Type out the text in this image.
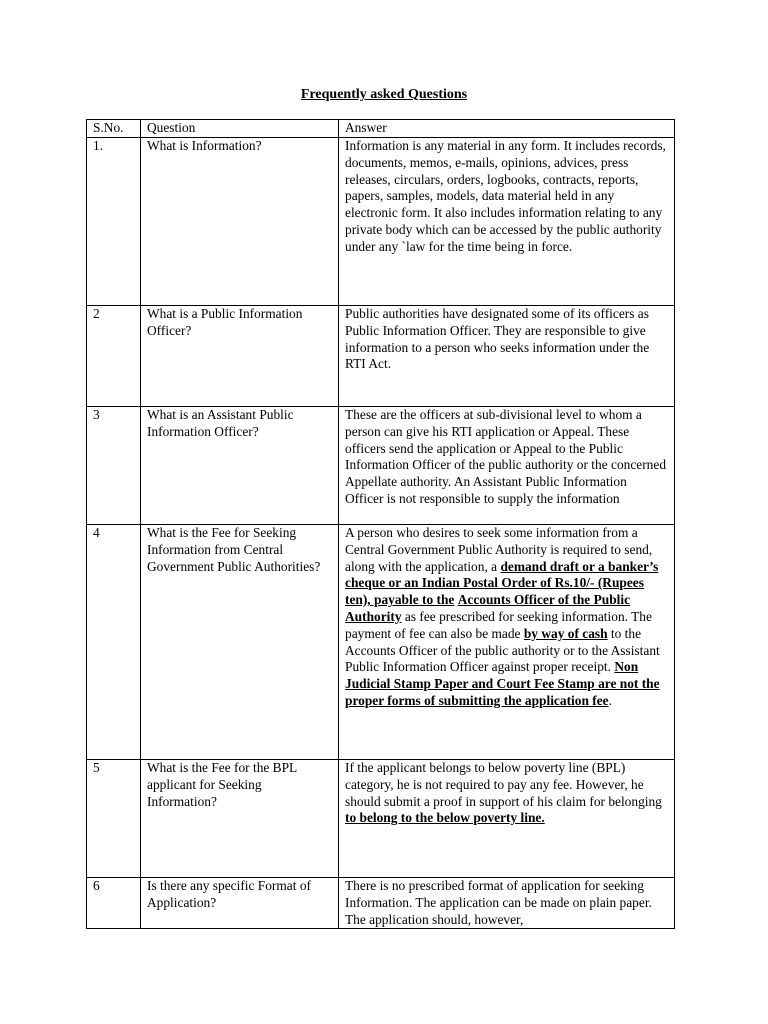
Frequently asked Questions
S.No.	Question	Answer
1.	What is Information?	Information is any material in any form. It includes records, documents, memos, e-mails, opinions, advices, press releases, circulars, orders, logbooks, contracts, reports, papers, samples, models, data material held in any electronic form. It also includes information relating to any private body which can be accessed by the public authority under any `law for the time being in force.
2	What is a Public Information Officer?	Public authorities have designated some of its officers as Public Information Officer. They are responsible to give information to a person who seeks information under the RTI Act.
3	What is an Assistant Public Information Officer?	These are the officers at sub-divisional level to whom a person can give his RTI application or Appeal. These officers send the application or Appeal to the Public Information Officer of the public authority or the concerned Appellate authority. An Assistant Public Information Officer is not responsible to supply the information
4	What is the Fee for Seeking Information from Central Government Public Authorities?	A person who desires to seek some information from a Central Government Public Authority is required to send, along with the application, a demand draft or a banker’s cheque or an Indian Postal Order of Rs.10/- (Rupees ten), payable to the Accounts Officer of the Public Authority as fee prescribed for seeking information. The payment of fee can also be made by way of cash to the Accounts Officer of the public authority or to the Assistant Public Information Officer against proper receipt. Non Judicial Stamp Paper and Court Fee Stamp are not the proper forms of submitting the application fee.
5	What is the Fee for the BPL applicant for Seeking Information?	If the applicant belongs to below poverty line (BPL) category, he is not required to pay any fee. However, he should submit a proof in support of his claim for belonging to belong to the below poverty line.
6	Is there any specific Format of Application?	There is no prescribed format of application for seeking Information. The application can be made on plain paper. The application should, however,
